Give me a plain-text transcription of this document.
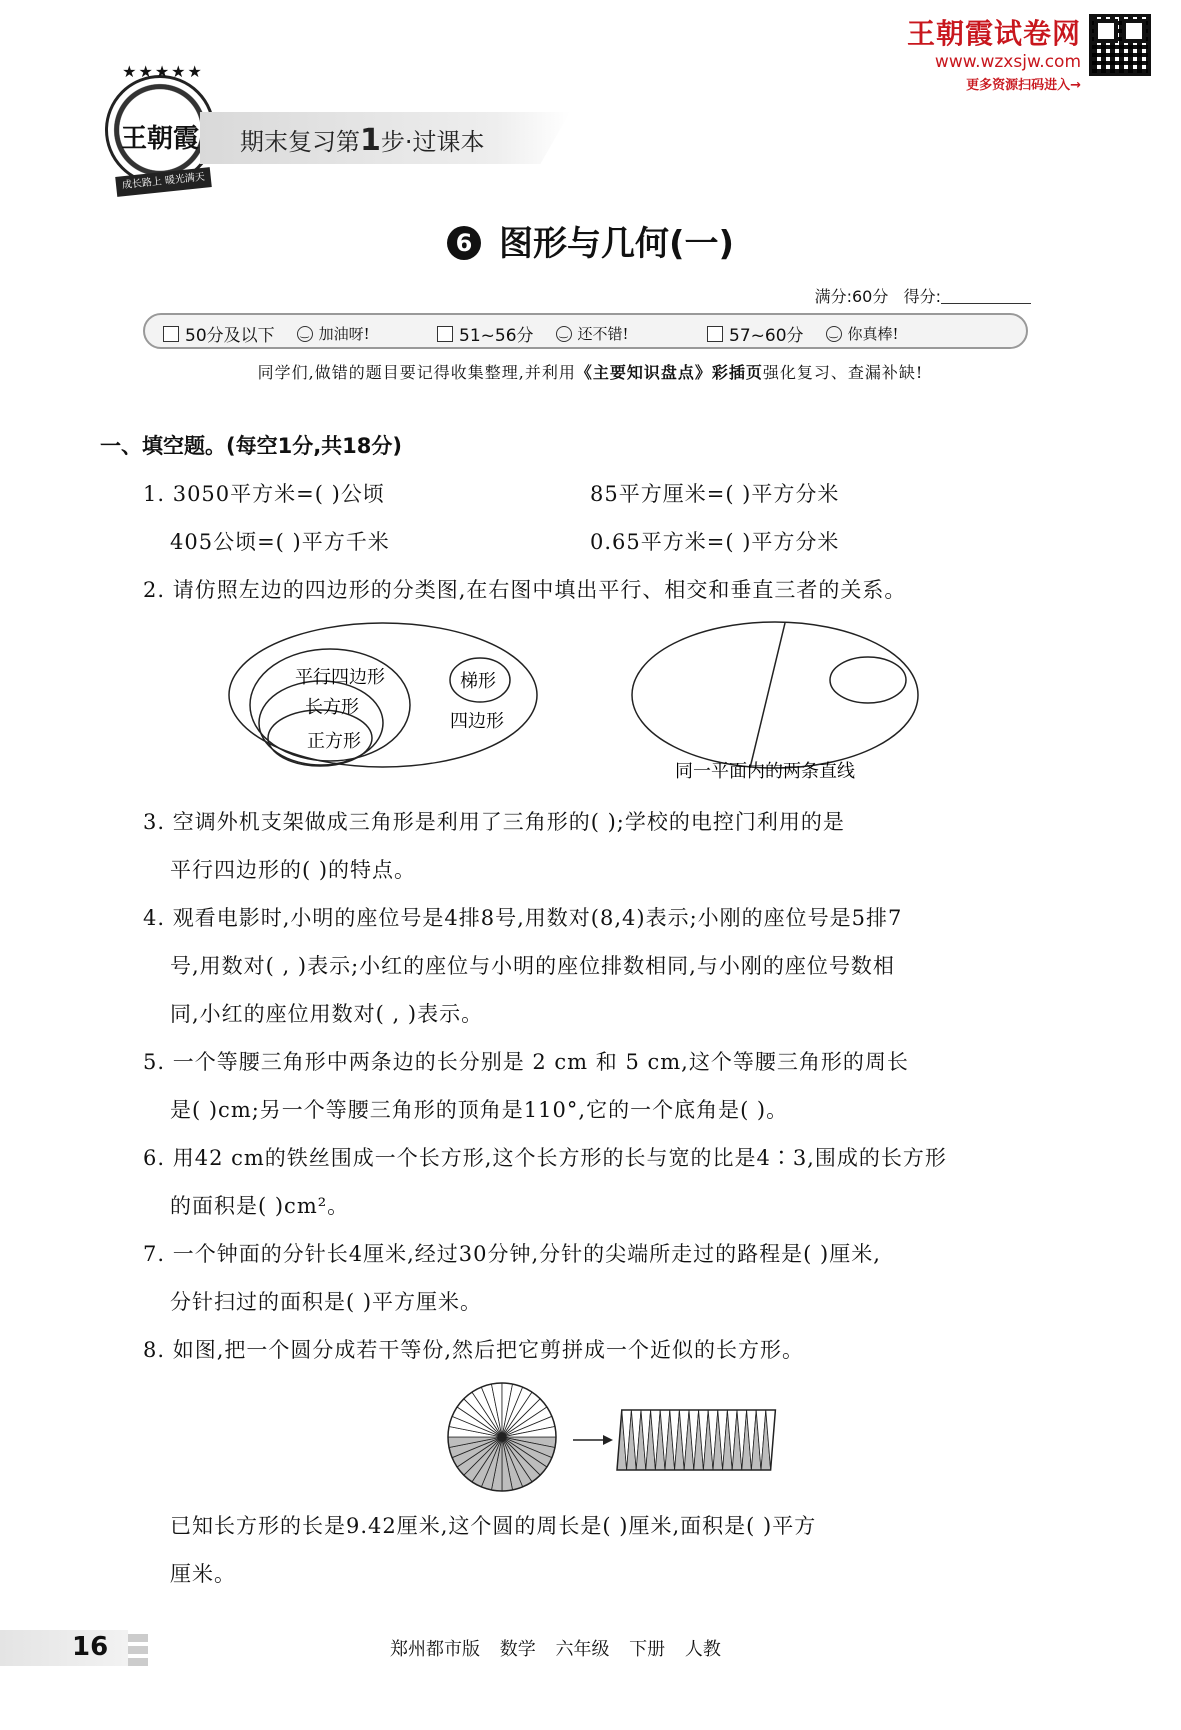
王朝霞试卷网
www.wzxsjw.com
更多资源扫码进入→
★★★★★
王朝霞
成长路上 暖光满天
期末复习第1步·过课本
6 图形与几何(一)
满分:60分 得分:
50分及以下	‿ 加油呀!	51~56分	‿ 还不错!	57~60分	‿ 你真棒!
同学们,做错的题目要记得收集整理,并利用《主要知识盘点》彩插页强化复习、查漏补缺!
一、填空题。(每空1分,共18分)
1. 3050平方米=( )公顷	85平方厘米=( )平方分米
405公顷=( )平方千米	0.65平方米=( )平方分米
2. 请仿照左边的四边形的分类图,在右图中填出平行、相交和垂直三者的关系。
平行四边形
长方形
正方形
梯形
四边形
同一平面内的两条直线
3. 空调外机支架做成三角形是利用了三角形的( );学校的电控门利用的是
平行四边形的( )的特点。
4. 观看电影时,小明的座位号是4排8号,用数对(8,4)表示;小刚的座位号是5排7
号,用数对( , )表示;小红的座位与小明的座位排数相同,与小刚的座位号数相
同,小红的座位用数对( , )表示。
5. 一个等腰三角形中两条边的长分别是 2 cm 和 5 cm,这个等腰三角形的周长
是( )cm;另一个等腰三角形的顶角是110°,它的一个底角是( )。
6. 用42 cm的铁丝围成一个长方形,这个长方形的长与宽的比是4∶3,围成的长方形
的面积是( )cm²。
7. 一个钟面的分针长4厘米,经过30分钟,分针的尖端所走过的路程是( )厘米,
分针扫过的面积是( )平方厘米。
8. 如图,把一个圆分成若干等份,然后把它剪拼成一个近似的长方形。
已知长方形的长是9.42厘米,这个圆的周长是( )厘米,面积是( )平方
厘米。
16	郑州都市版 数学 六年级 下册 人教
